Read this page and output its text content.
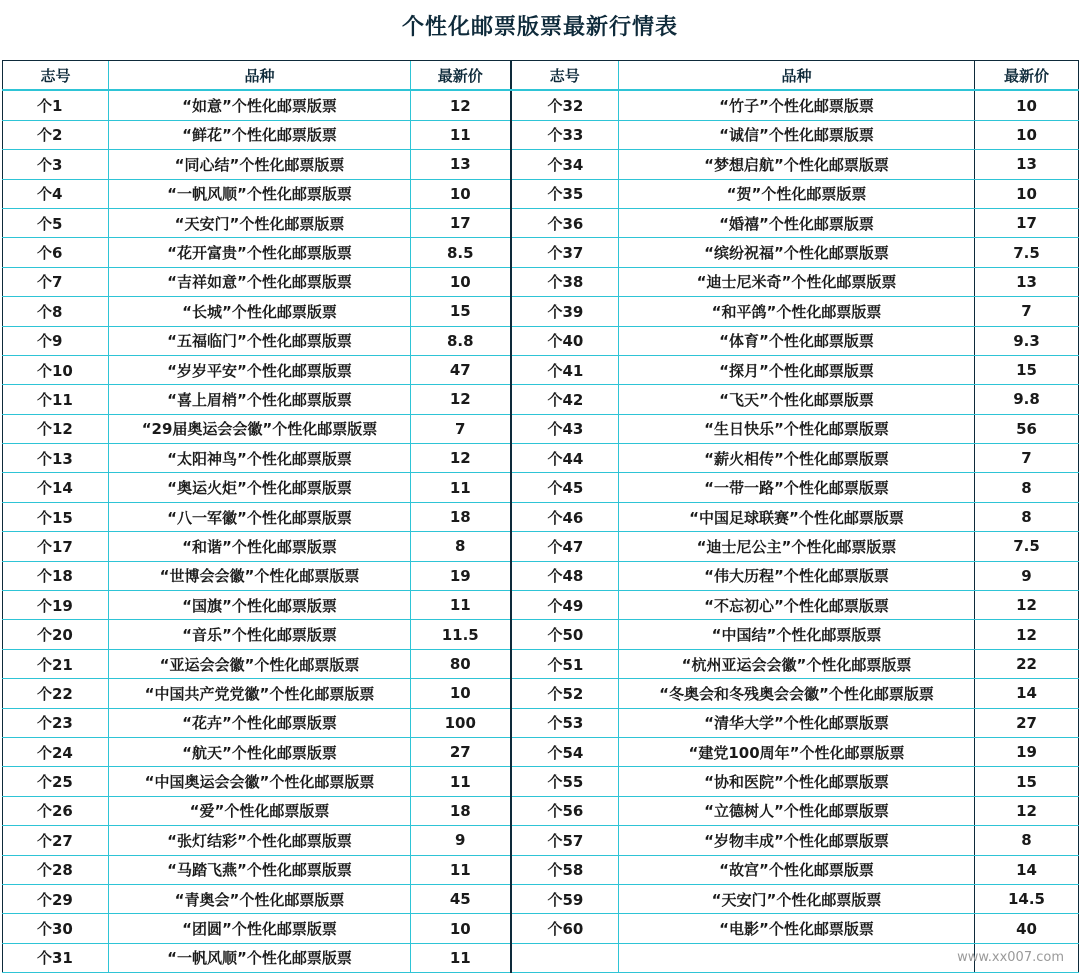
个性化邮票版票最新行情表
志号	品种	最新价	志号	品种	最新价
个1	“如意”个性化邮票版票	12	个32	“竹子”个性化邮票版票	10
个2	“鲜花”个性化邮票版票	11	个33	“诚信”个性化邮票版票	10
个3	“同心结”个性化邮票版票	13	个34	“梦想启航”个性化邮票版票	13
个4	“一帆风顺”个性化邮票版票	10	个35	“贺”个性化邮票版票	10
个5	“天安门”个性化邮票版票	17	个36	“婚禧”个性化邮票版票	17
个6	“花开富贵”个性化邮票版票	8.5	个37	“缤纷祝福”个性化邮票版票	7.5
个7	“吉祥如意”个性化邮票版票	10	个38	“迪士尼米奇”个性化邮票版票	13
个8	“长城”个性化邮票版票	15	个39	“和平鸽”个性化邮票版票	7
个9	“五福临门”个性化邮票版票	8.8	个40	“体育”个性化邮票版票	9.3
个10	“岁岁平安”个性化邮票版票	47	个41	“探月”个性化邮票版票	15
个11	“喜上眉梢”个性化邮票版票	12	个42	“飞天”个性化邮票版票	9.8
个12	“29届奥运会会徽”个性化邮票版票	7	个43	“生日快乐”个性化邮票版票	56
个13	“太阳神鸟”个性化邮票版票	12	个44	“薪火相传”个性化邮票版票	7
个14	“奥运火炬”个性化邮票版票	11	个45	“一带一路”个性化邮票版票	8
个15	“八一军徽”个性化邮票版票	18	个46	“中国足球联赛”个性化邮票版票	8
个17	“和谐”个性化邮票版票	8	个47	“迪士尼公主”个性化邮票版票	7.5
个18	“世博会会徽”个性化邮票版票	19	个48	“伟大历程”个性化邮票版票	9
个19	“国旗”个性化邮票版票	11	个49	“不忘初心”个性化邮票版票	12
个20	“音乐”个性化邮票版票	11.5	个50	“中国结”个性化邮票版票	12
个21	“亚运会会徽”个性化邮票版票	80	个51	“杭州亚运会会徽”个性化邮票版票	22
个22	“中国共产党党徽”个性化邮票版票	10	个52	“冬奥会和冬残奥会会徽”个性化邮票版票	14
个23	“花卉”个性化邮票版票	100	个53	“清华大学”个性化邮票版票	27
个24	“航天”个性化邮票版票	27	个54	“建党100周年”个性化邮票版票	19
个25	“中国奥运会会徽”个性化邮票版票	11	个55	“协和医院”个性化邮票版票	15
个26	“爱”个性化邮票版票	18	个56	“立德树人”个性化邮票版票	12
个27	“张灯结彩”个性化邮票版票	9	个57	“岁物丰成”个性化邮票版票	8
个28	“马踏飞燕”个性化邮票版票	11	个58	“故宫”个性化邮票版票	14
个29	“青奥会”个性化邮票版票	45	个59	“天安门”个性化邮票版票	14.5
个30	“团圆”个性化邮票版票	10	个60	“电影”个性化邮票版票	40
个31	“一帆风顺”个性化邮票版票	11				www.xx007.com
